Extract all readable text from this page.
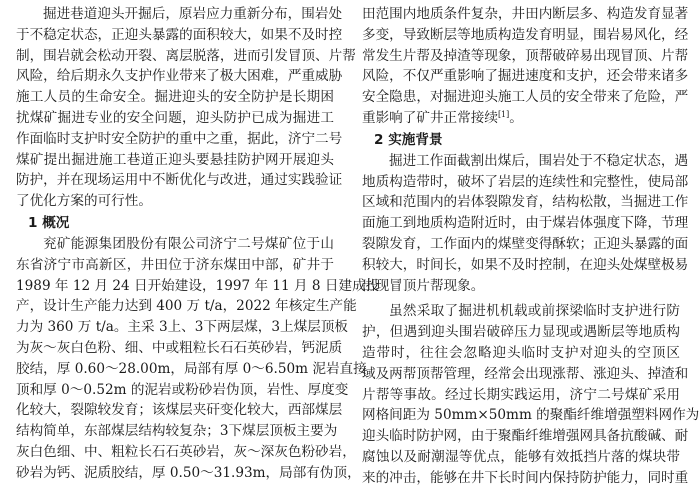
掘进巷道迎头开掘后，原岩应力重新分布，围岩处
于不稳定状态，正迎头暴露的面积较大，如果不及时控
制，围岩就会松动开裂、离层脱落，进而引发冒顶、片帮
风险，给后期永久支护作业带来了极大困难，严重威胁
施工人员的生命安全。掘进迎头的安全防护是长期困
扰煤矿掘进专业的安全问题，迎头防护已成为掘进工
作面临时支护时安全防护的重中之重，据此，济宁二号
煤矿提出掘进施工巷道正迎头要悬挂防护网开展迎头
防护，并在现场运用中不断优化与改进，通过实践验证
了优化方案的可行性。
1 概况
兖矿能源集团股份有限公司济宁二号煤矿位于山
东省济宁市高新区，井田位于济东煤田中部，矿井于
1989 年 12 月 24 日开始建设，1997 年 11 月 8 日建成投
产，设计生产能力达到 400 万 t/a，2022 年核定生产能
力为 360 万 t/a。主采 3上、3下两层煤，3上煤层顶板
为灰～灰白色粉、细、中或粗粒长石石英砂岩，钙泥质
胶结，厚 0.60～28.00m，局部有厚 0～6.50m 泥岩直接
顶和厚 0～0.52m 的泥岩或粉砂岩伪顶，岩性、厚度变
化较大，裂隙较发育；该煤层夹矸变化较大，西部煤层
结构简单，东部煤层结构较复杂；3下煤层顶板主要为
灰白色细、中、粗粒长石石英砂岩，灰～深灰色粉砂岩，
砂岩为钙、泥质胶结，厚 0.50～31.93m，局部有伪顶，
田范围内地质条件复杂，井田内断层多、构造发育显著
多变，导致断层等地质构造发育明显，围岩易风化，经
常发生片帮及掉渣等现象，顶帮破碎易出现冒顶、片帮
风险，不仅严重影响了掘进速度和支护，还会带来诸多
安全隐患，对掘进迎头施工人员的安全带来了危险，严
重影响了矿井正常接续[1]。
2 实施背景
掘进工作面截割出煤后，围岩处于不稳定状态，遇
地质构造带时，破坏了岩层的连续性和完整性，使局部
区域和范围内的岩体裂隙发育，结构松散，当掘进工作
面施工到地质构造附近时，由于煤岩体强度下降，节理
裂隙发育，工作面内的煤壁变得酥软；正迎头暴露的面
积较大，时间长，如果不及时控制，在迎头处煤壁极易
出现冒顶片帮现象。
虽然采取了掘进机机载或前探梁临时支护进行防
护，但遇到迎头围岩破碎压力显现或遇断层等地质构
造带时，往往会忽略迎头临时支护对迎头的空顶区
域及两帮顶帮管理，经常会出现涨帮、涨迎头、掉渣和
片帮等事故。经过长期实践运用，济宁二号煤矿采用
网格间距为 50mm×50mm 的聚酯纤维增强塑料网作为
迎头临时防护网，由于聚酯纤维增强网具备抗酸碱、耐
腐蚀以及耐潮湿等优点，能够有效抵挡片落的煤块带
来的冲击，能够在井下长时间内保持防护能力，同时重
